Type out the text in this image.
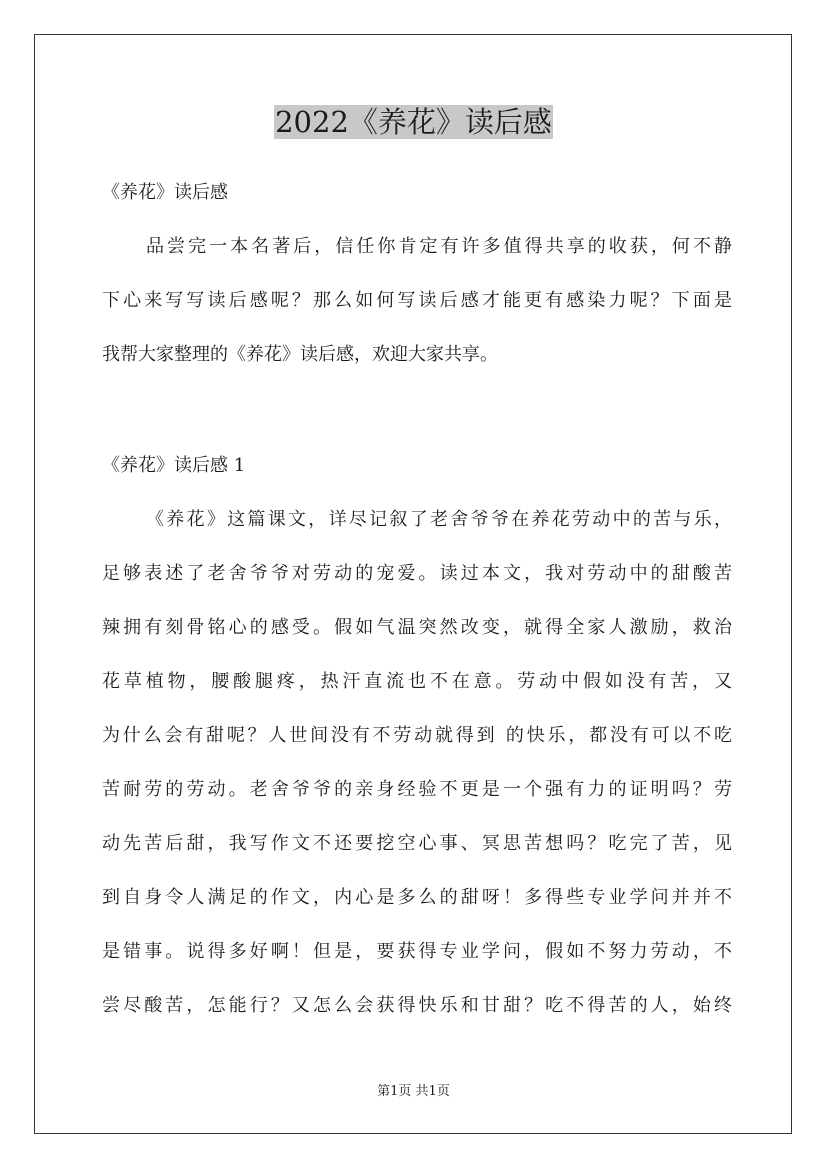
2022《养花》读后感

《养花》读后感

品尝完一本名著后，信任你肯定有许多值得共享的收获，何不静
下心来写写读后感呢？那么如何写读后感才能更有感染力呢？下面是
我帮大家整理的《养花》读后感，欢迎大家共享。

《养花》读后感 1

《养花》这篇课文，详尽记叙了老舍爷爷在养花劳动中的苦与乐，
足够表述了老舍爷爷对劳动的宠爱。读过本文，我对劳动中的甜酸苦
辣拥有刻骨铭心的感受。假如气温突然改变，就得全家人激励，救治
花草植物，腰酸腿疼，热汗直流也不在意。劳动中假如没有苦，又
为什么会有甜呢？人世间没有不劳动就得到 的快乐，都没有可以不吃
苦耐劳的劳动。老舍爷爷的亲身经验不更是一个强有力的证明吗？劳
动先苦后甜，我写作文不还要挖空心事、冥思苦想吗？吃完了苦，见
到自身令人满足的作文，内心是多么的甜呀！多得些专业学问并并不
是错事。说得多好啊！但是，要获得专业学问，假如不努力劳动，不
尝尽酸苦，怎能行？又怎么会获得快乐和甘甜？吃不得苦的人，始终
第1页 共1页
